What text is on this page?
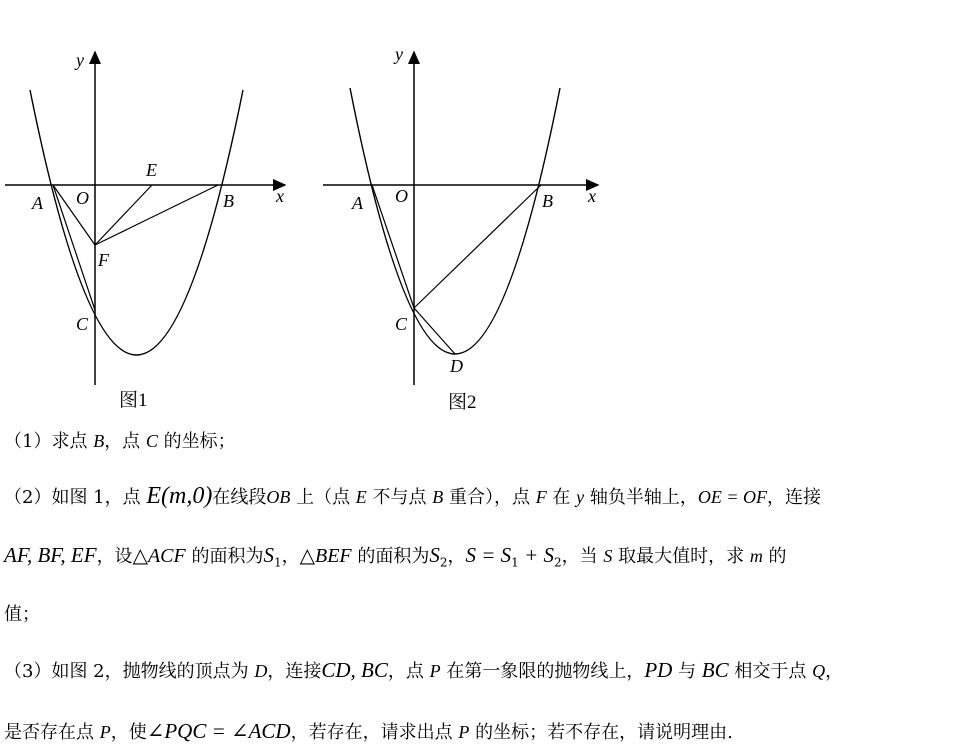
y
x
O
A	B
E
F
C
图1
y
x
O
A	B
C
D
图2
（1）求点 B，点 C 的坐标；
（2）如图 1，点 E(m,0)在线段OB 上（点 E 不与点 B 重合），点 F 在 y 轴负半轴上，OE = OF，连接
AF, BF, EF，设△ACF 的面积为$S_1$，△BEF 的面积为$S_2$，$S = S_1 + S_2$，当 S 取最大值时，求 m 的
值；
（3）如图 2，抛物线的顶点为 D，连接CD, BC，点 P 在第一象限的抛物线上，PD 与 BC 相交于点 Q，
是否存在点 P，使∠PQC = ∠ACD，若存在，请求出点 P 的坐标；若不存在，请说明理由.
